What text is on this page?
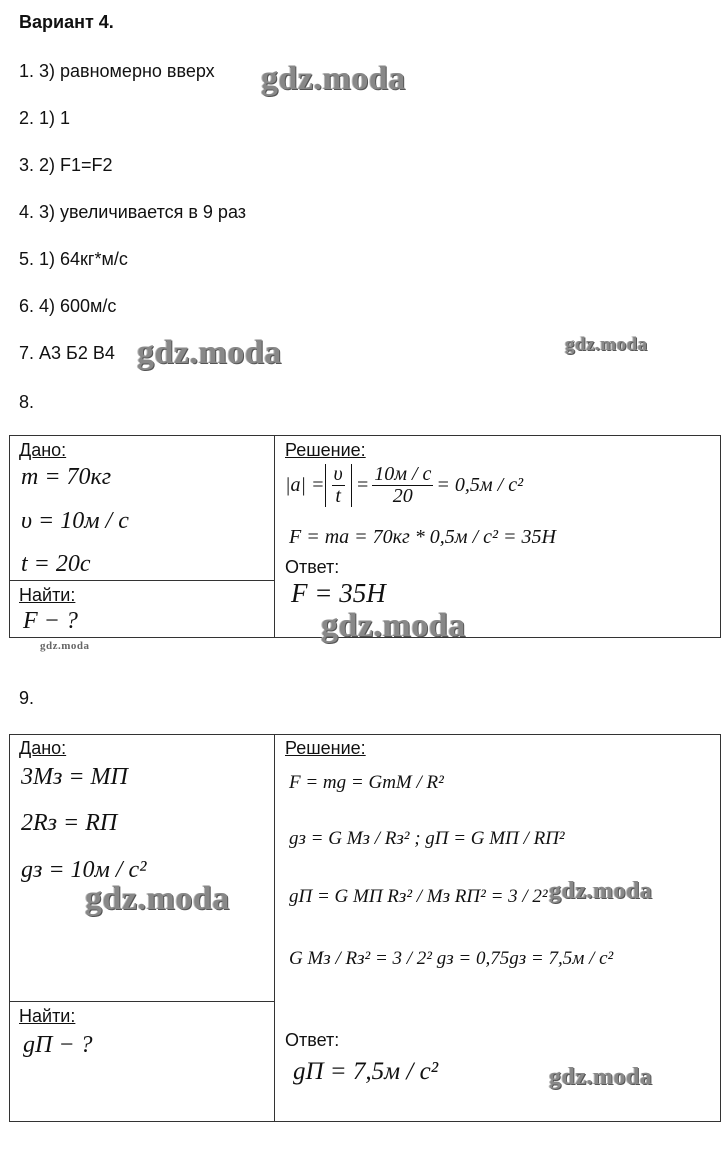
Вариант 4.
1. 3) равномерно вверх
2. 1) 1
3. 2) F1=F2
4. 3) увеличивается в 9 раз
5. 1) 64кг*м/с
6. 4) 600м/с
7. А3 Б2 В4
8.
9.
Дано:
m = 70кг
υ = 10м / с
t = 20с
Найти:
F − ?
Решение:
$|a| = \frac{\upsilon}{t} = \frac{10м / с}{20} = 0,5м / с^2$
F = ma = 70кг * 0,5м / с² = 35H
Ответ:
F = 35H
Дано:
3Mз = MП
2Rз = RП
gз = 10м / с²
Найти:
gП − ?
Решение:
F = mg = GmM / R²
gз = G Mз / Rз² ; gП = G MП / RП²
gП = G MП Rз² / Mз RП² = 3 / 2²
G Mз / Rз² = 3 / 2² gз = 0,75gз = 7,5м / с²
Ответ:
gП = 7,5м / с²
gdz.moda
gdz.moda	gdz.moda
gdz.moda
gdz.moda
gdz.moda	gdz.moda
gdz.moda
